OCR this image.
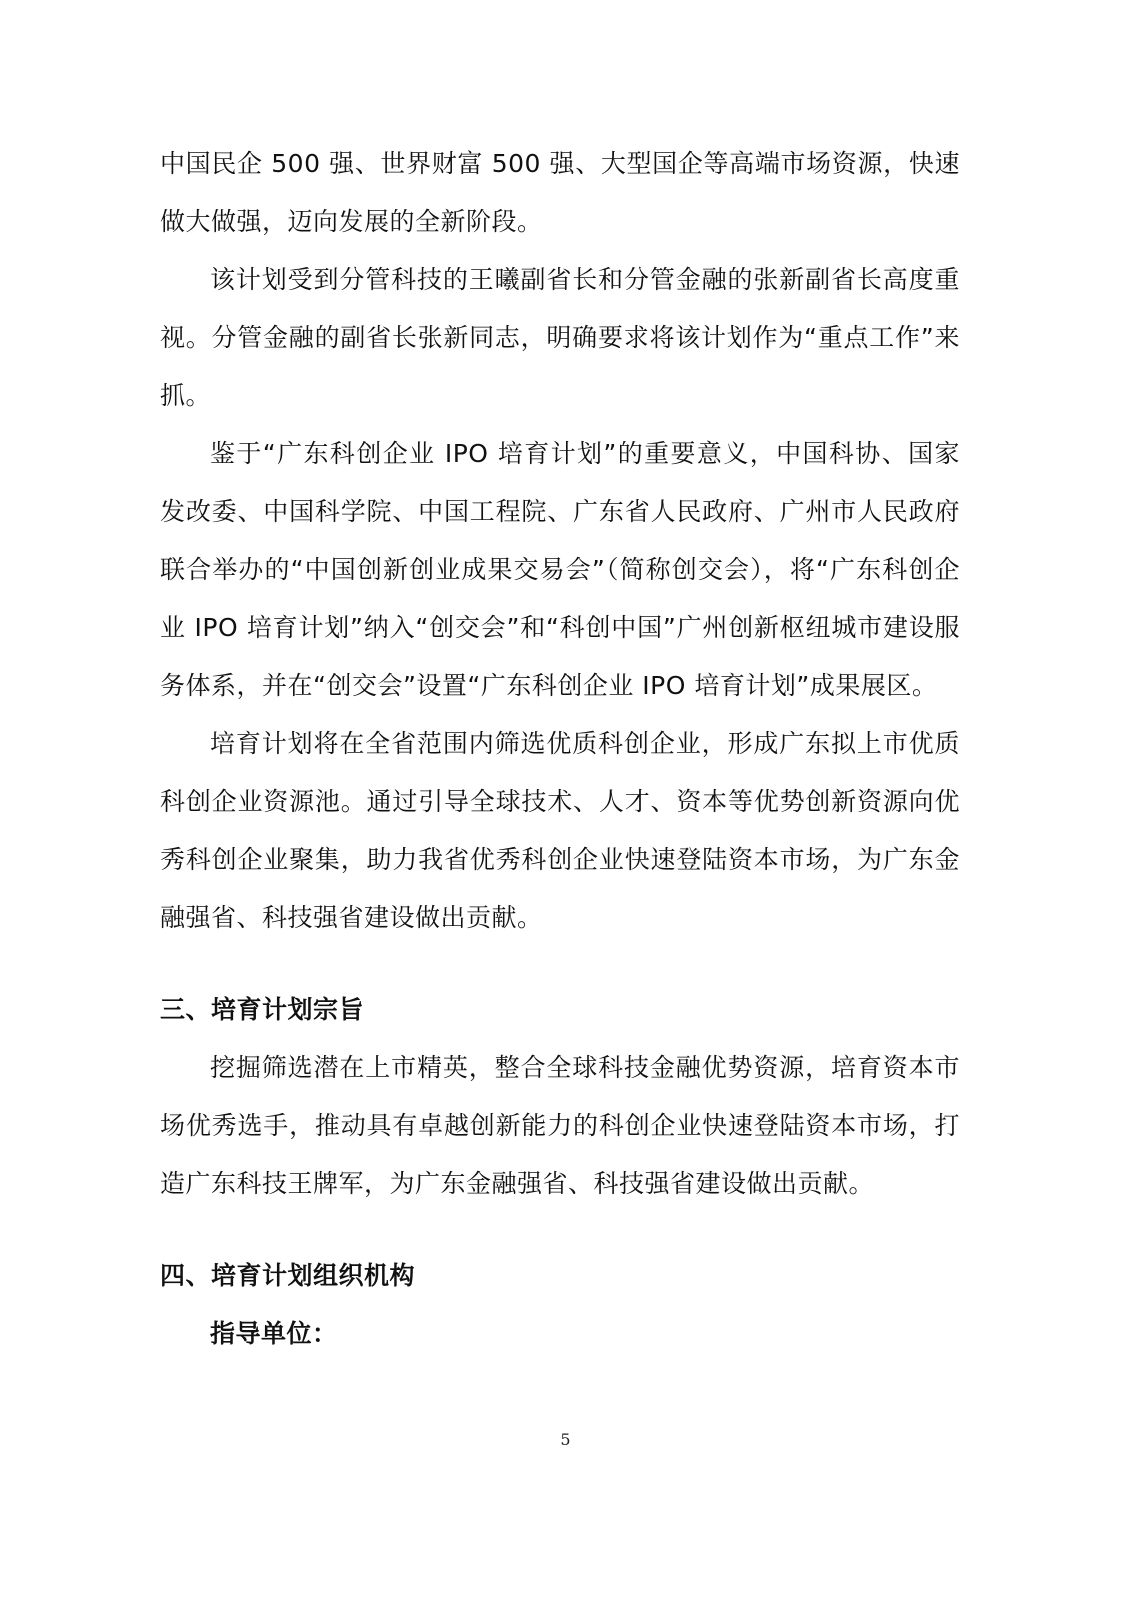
中国民企 500 强、世界财富 500 强、大型国企等高端市场资源，快速做大做强，迈向发展的全新阶段。

该计划受到分管科技的王曦副省长和分管金融的张新副省长高度重视。分管金融的副省长张新同志，明确要求将该计划作为“重点工作”来抓。

鉴于“广东科创企业 IPO 培育计划”的重要意义，中国科协、国家发改委、中国科学院、中国工程院、广东省人民政府、广州市人民政府联合举办的“中国创新创业成果交易会”（简称创交会），将“广东科创企业 IPO 培育计划”纳入“创交会”和“科创中国”广州创新枢纽城市建设服务体系，并在“创交会”设置“广东科创企业 IPO 培育计划”成果展区。

培育计划将在全省范围内筛选优质科创企业，形成广东拟上市优质科创企业资源池。通过引导全球技术、人才、资本等优势创新资源向优秀科创企业聚集，助力我省优秀科创企业快速登陆资本市场，为广东金融强省、科技强省建设做出贡献。

三、培育计划宗旨

挖掘筛选潜在上市精英，整合全球科技金融优势资源，培育资本市场优秀选手，推动具有卓越创新能力的科创企业快速登陆资本市场，打造广东科技王牌军，为广东金融强省、科技强省建设做出贡献。

四、培育计划组织机构

指导单位：

5
